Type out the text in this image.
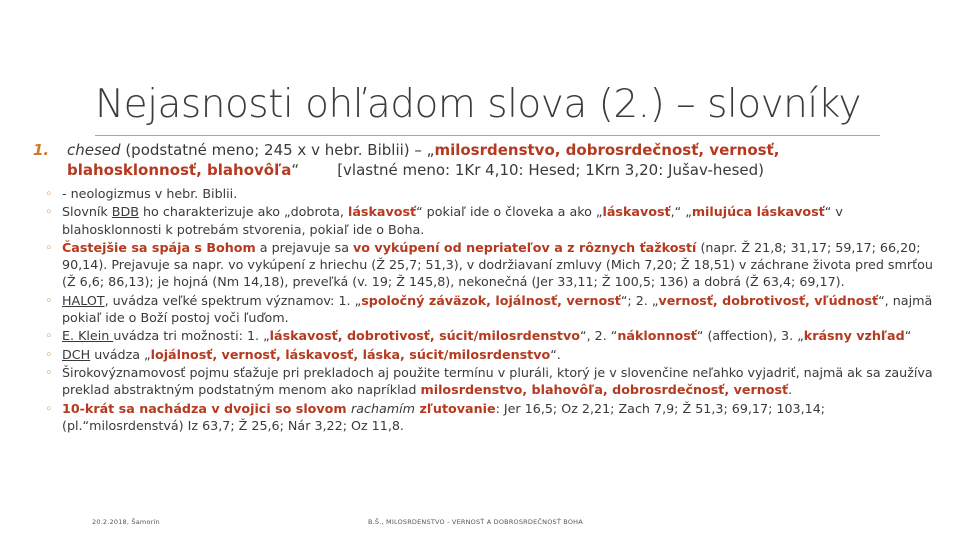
Nejasnosti ohľadom slova (2.) – slovníky
1. chesed (podstatné meno; 245 x v hebr. Biblii) – „milosrdenstvo, dobrosrdečnosť, vernosť, blahosklonnosť, blahovôľa“	[vlastné meno: 1Kr 4,10: Hesed; 1Krn 3,20: Jušav-hesed)
◦ - neologizmus v hebr. Biblii.
◦ Slovník BDB ho charakterizuje ako „dobrota, láskavosť“ pokiaľ ide o človeka a ako „láskavosť,“ „milujúca láskavosť“ v blahosklonnosti k potrebám stvorenia, pokiaľ ide o Boha.
◦ Častejšie sa spája s Bohom a prejavuje sa vo vykúpení od nepriateľov a z rôznych ťažkostí (napr. Ž 21,8; 31,17; 59,17; 66,20; 90,14). Prejavuje sa napr. vo vykúpení z hriechu (Ž 25,7; 51,3), v dodržiavaní zmluvy (Mich 7,20; Ž 18,51) v záchrane života pred smrťou (Ž 6,6; 86,13); je hojná (Nm 14,18), preveľká (v. 19; Ž 145,8), nekonečná (Jer 33,11; Ž 100,5; 136) a dobrá (Ž 63,4; 69,17).
◦ HALOT, uvádza veľké spektrum významov: 1. „spoločný záväzok, lojálnosť, vernosť“; 2. „vernosť, dobrotivosť, vľúdnosť“, najmä pokiaľ ide o Boží postoj voči ľuďom.
◦ E. Klein uvádza tri možnosti: 1. „láskavosť, dobrotivosť, súcit/milosrdenstvo“, 2. “náklonnosť“ (affection), 3. „krásny vzhľad“
◦ DCH uvádza „lojálnosť, vernosť, láskavosť, láska, súcit/milosrdenstvo“.
◦ Širokovýznamovosť pojmu sťažuje pri prekladoch aj použite termínu v pluráli, ktorý je v slovenčine neľahko vyjadriť, najmä ak sa zaužíva preklad abstraktným podstatným menom ako napríklad milosrdenstvo, blahovôľa, dobrosrdečnosť, vernosť.
◦ 10-krát sa nachádza v dvojici so slovom rachamím zľutovanie: Jer 16,5; Oz 2,21; Zach 7,9; Ž 51,3; 69,17; 103,14; (pl.“milosrdenstvá) Iz 63,7; Ž 25,6; Nár 3,22; Oz 11,8.
20.2.2018, Šamorín	B.Š., MILOSRDENSTVO - VERNOSŤ A DOBROSRDEČNOSŤ BOHA
